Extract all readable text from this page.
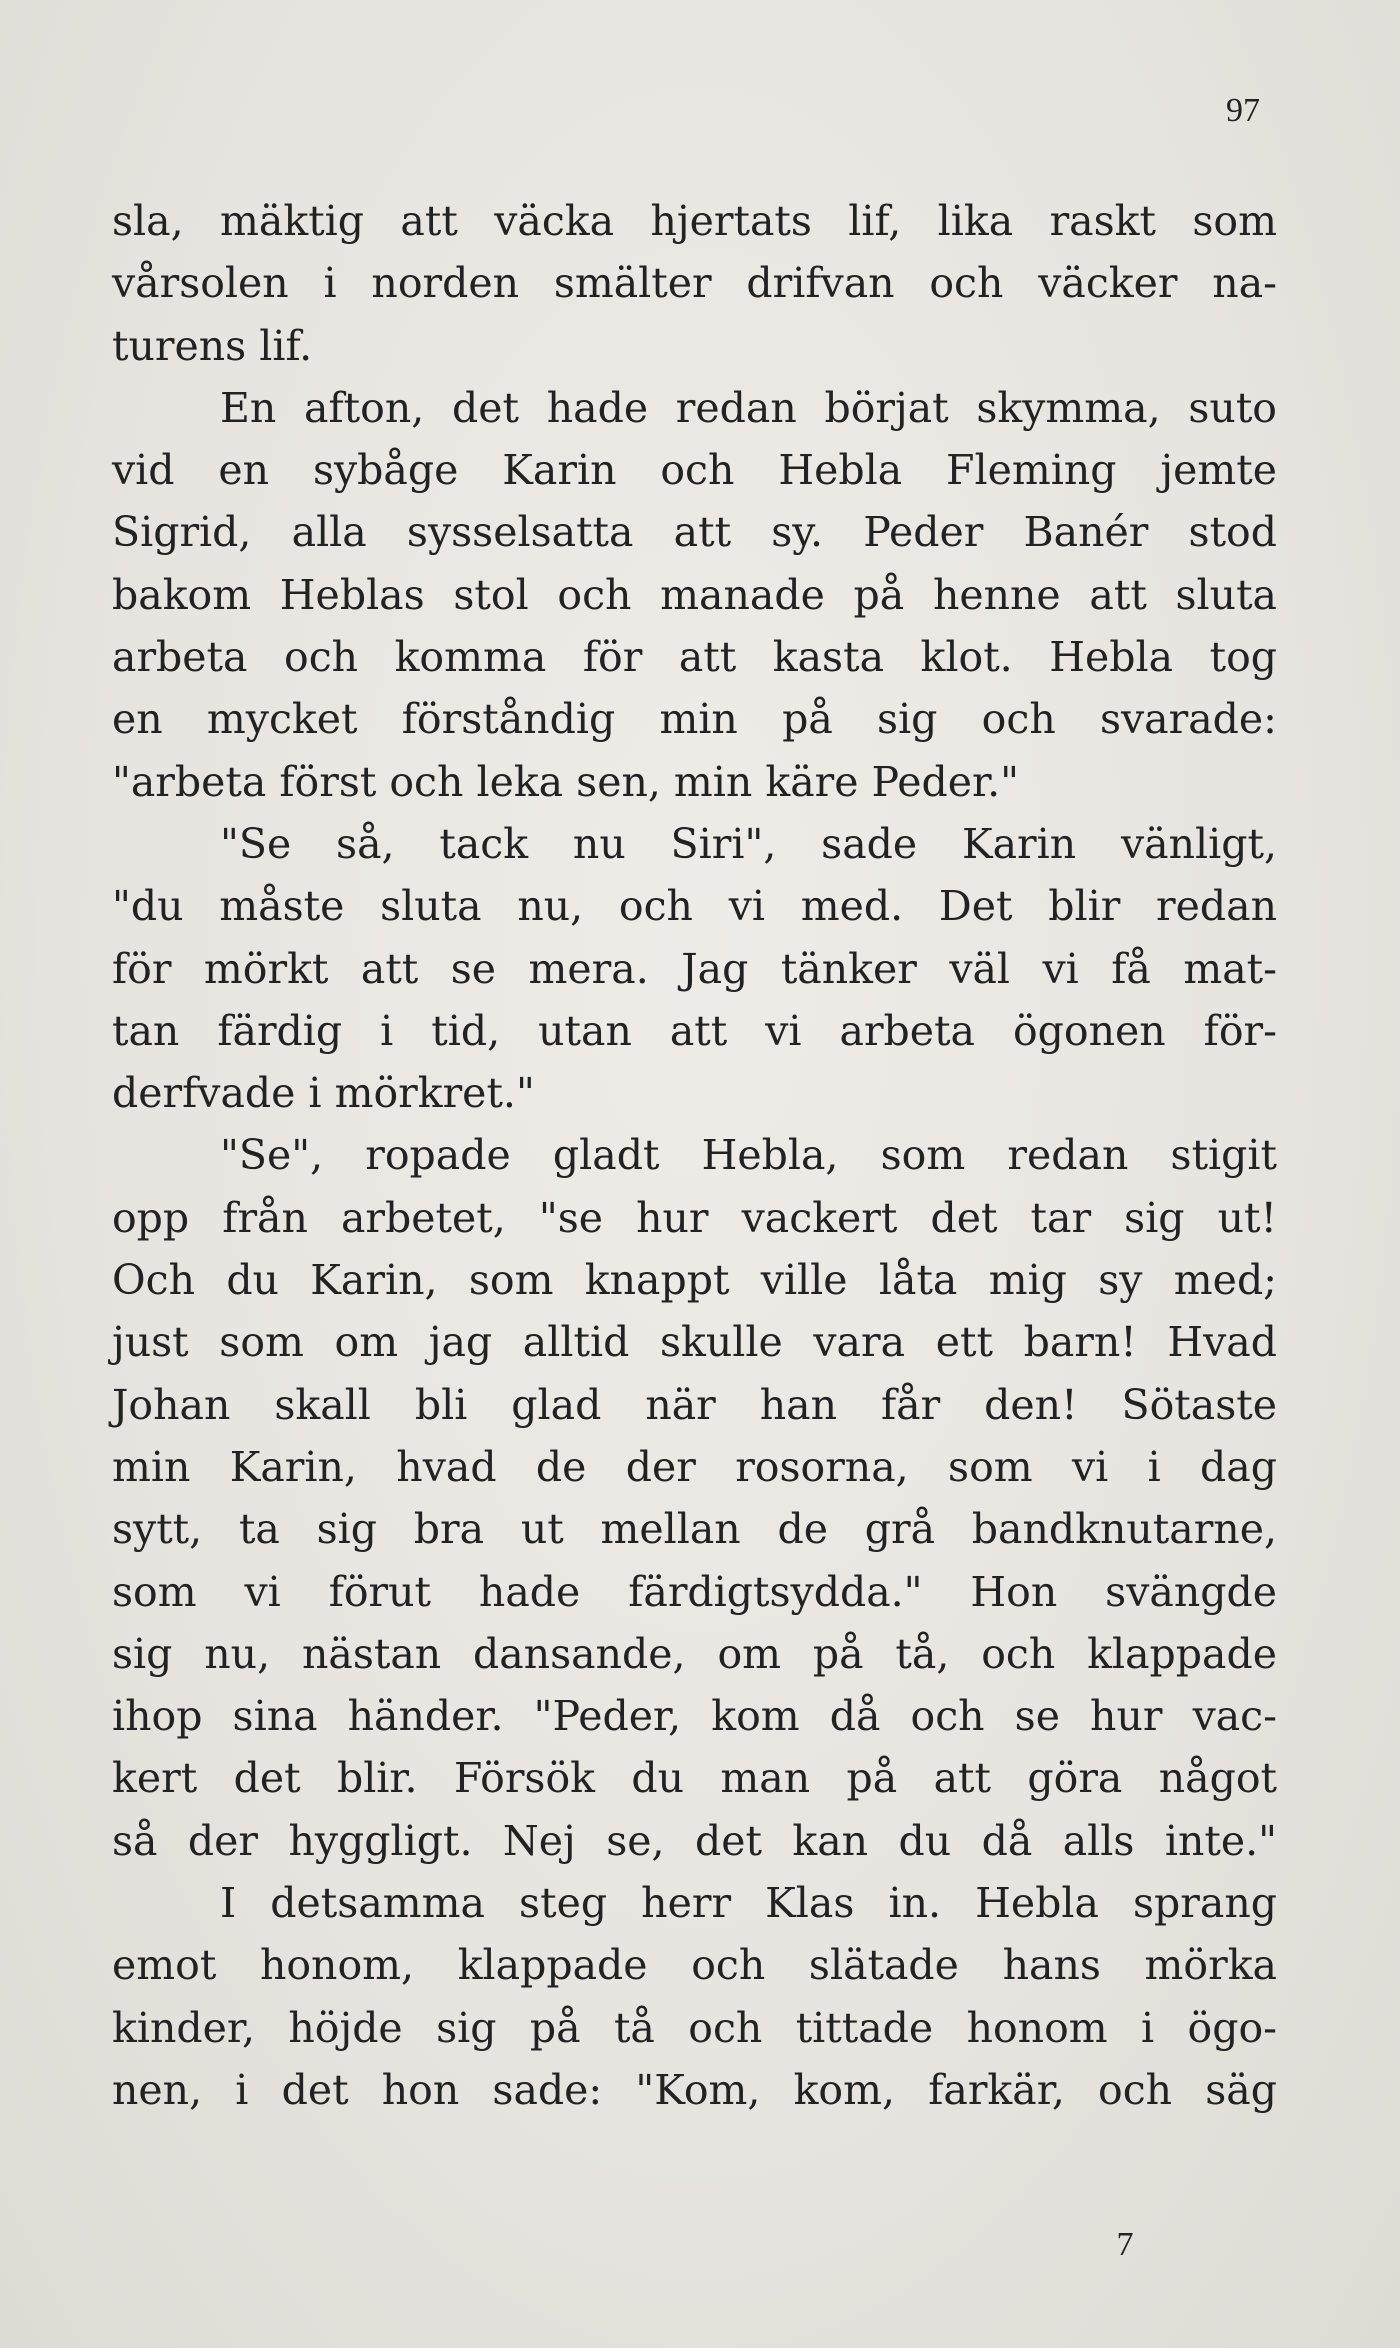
97
sla, mäktig att väcka hjertats lif, lika raskt som
vårsolen i norden smälter drifvan och väcker na-
turens lif.
En afton, det hade redan börjat skymma, suto
vid en sybåge Karin och Hebla Fleming jemte
Sigrid, alla sysselsatta att sy. Peder Banér stod
bakom Heblas stol och manade på henne att sluta
arbeta och komma för att kasta klot. Hebla tog
en mycket förståndig min på sig och svarade:
"arbeta först och leka sen, min käre Peder."
"Se så, tack nu Siri", sade Karin vänligt,
"du måste sluta nu, och vi med. Det blir redan
för mörkt att se mera. Jag tänker väl vi få mat-
tan färdig i tid, utan att vi arbeta ögonen för-
derfvade i mörkret."
"Se", ropade gladt Hebla, som redan stigit
opp från arbetet, "se hur vackert det tar sig ut!
Och du Karin, som knappt ville låta mig sy med;
just som om jag alltid skulle vara ett barn! Hvad
Johan skall bli glad när han får den! Sötaste
min Karin, hvad de der rosorna, som vi i dag
sytt, ta sig bra ut mellan de grå bandknutarne,
som vi förut hade färdigtsydda." Hon svängde
sig nu, nästan dansande, om på tå, och klappade
ihop sina händer. "Peder, kom då och se hur vac-
kert det blir. Försök du man på att göra något
så der hyggligt. Nej se, det kan du då alls inte."
I detsamma steg herr Klas in. Hebla sprang
emot honom, klappade och slätade hans mörka
kinder, höjde sig på tå och tittade honom i ögo-
nen, i det hon sade: "Kom, kom, farkär, och säg
7
